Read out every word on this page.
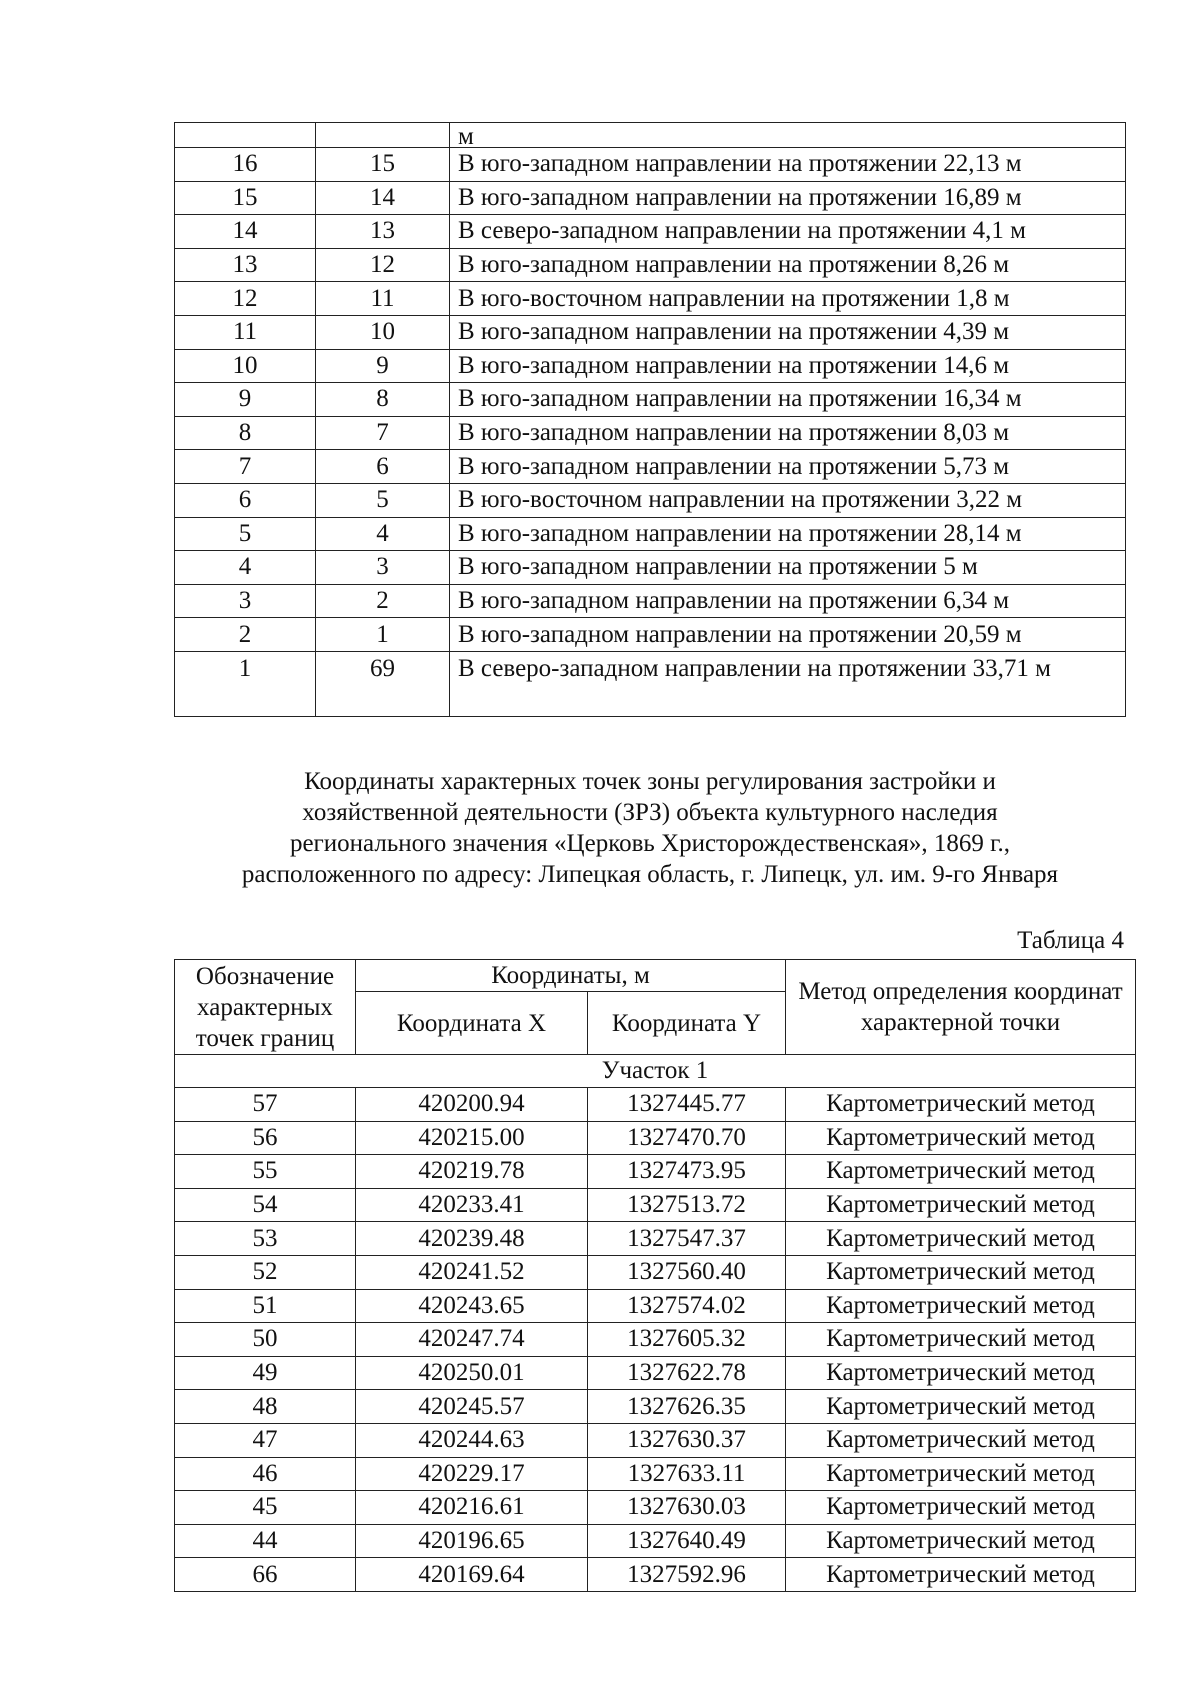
		м
16	15	В юго-западном направлении на протяжении 22,13 м
15	14	В юго-западном направлении на протяжении 16,89 м
14	13	В северо-западном направлении на протяжении 4,1 м
13	12	В юго-западном направлении на протяжении 8,26 м
12	11	В юго-восточном направлении на протяжении 1,8 м
11	10	В юго-западном направлении на протяжении 4,39 м
10	9	В юго-западном направлении на протяжении 14,6 м
9	8	В юго-западном направлении на протяжении 16,34 м
8	7	В юго-западном направлении на протяжении 8,03 м
7	6	В юго-западном направлении на протяжении 5,73 м
6	5	В юго-восточном направлении на протяжении 3,22 м
5	4	В юго-западном направлении на протяжении 28,14 м
4	3	В юго-западном направлении на протяжении 5 м
3	2	В юго-западном направлении на протяжении 6,34 м
2	1	В юго-западном направлении на протяжении 20,59 м
1	69	В северо-западном направлении на протяжении 33,71 м
Координаты характерных точек зоны регулирования застройки и
хозяйственной деятельности (ЗРЗ) объекта культурного наследия
регионального значения «Церковь Христорождественская», 1869 г.,
расположенного по адресу: Липецкая область, г. Липецк, ул. им. 9-го Января
Таблица 4
Обозначение характерных точек границ	Координаты, м		Метод определения координат характерной точки
	Координата X	Координата Y	
Участок 1			
57	420200.94	1327445.77	Картометрический метод
56	420215.00	1327470.70	Картометрический метод
55	420219.78	1327473.95	Картометрический метод
54	420233.41	1327513.72	Картометрический метод
53	420239.48	1327547.37	Картометрический метод
52	420241.52	1327560.40	Картометрический метод
51	420243.65	1327574.02	Картометрический метод
50	420247.74	1327605.32	Картометрический метод
49	420250.01	1327622.78	Картометрический метод
48	420245.57	1327626.35	Картометрический метод
47	420244.63	1327630.37	Картометрический метод
46	420229.17	1327633.11	Картометрический метод
45	420216.61	1327630.03	Картометрический метод
44	420196.65	1327640.49	Картометрический метод
66	420169.64	1327592.96	Картометрический метод
